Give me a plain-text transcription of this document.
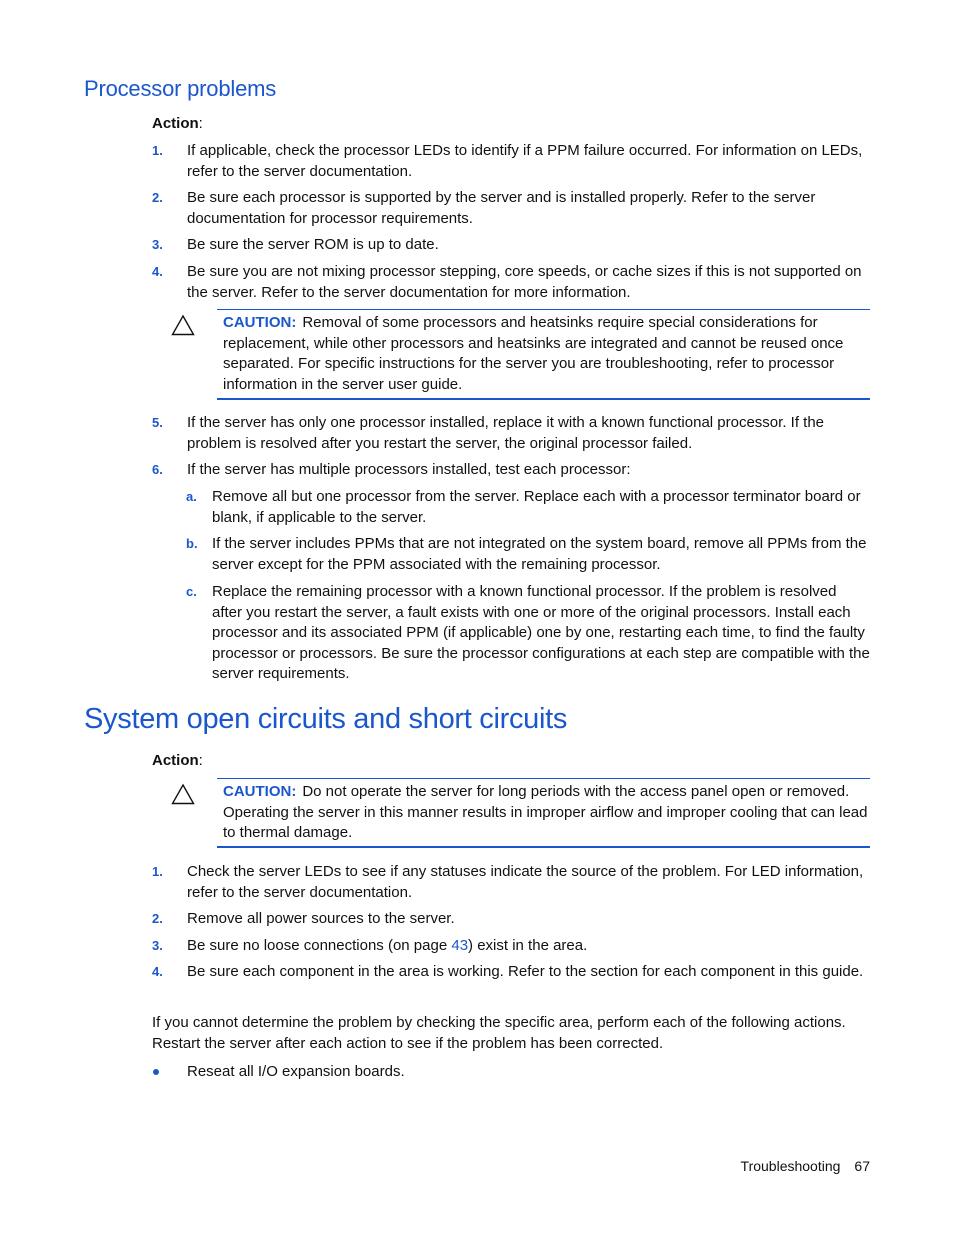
Processor problems
Action:
1. If applicable, check the processor LEDs to identify if a PPM failure occurred. For information on LEDs, refer to the server documentation.
2. Be sure each processor is supported by the server and is installed properly. Refer to the server documentation for processor requirements.
3. Be sure the server ROM is up to date.
4. Be sure you are not mixing processor stepping, core speeds, or cache sizes if this is not supported on the server. Refer to the server documentation for more information.
CAUTION: Removal of some processors and heatsinks require special considerations for replacement, while other processors and heatsinks are integrated and cannot be reused once separated. For specific instructions for the server you are troubleshooting, refer to processor information in the server user guide.
5. If the server has only one processor installed, replace it with a known functional processor. If the problem is resolved after you restart the server, the original processor failed.
6. If the server has multiple processors installed, test each processor:
a. Remove all but one processor from the server. Replace each with a processor terminator board or blank, if applicable to the server.
b. If the server includes PPMs that are not integrated on the system board, remove all PPMs from the server except for the PPM associated with the remaining processor.
c. Replace the remaining processor with a known functional processor. If the problem is resolved after you restart the server, a fault exists with one or more of the original processors. Install each processor and its associated PPM (if applicable) one by one, restarting each time, to find the faulty processor or processors. Be sure the processor configurations at each step are compatible with the server requirements.
System open circuits and short circuits
Action:
CAUTION: Do not operate the server for long periods with the access panel open or removed. Operating the server in this manner results in improper airflow and improper cooling that can lead to thermal damage.
1. Check the server LEDs to see if any statuses indicate the source of the problem. For LED information, refer to the server documentation.
2. Remove all power sources to the server.
3. Be sure no loose connections (on page 43) exist in the area.
4. Be sure each component in the area is working. Refer to the section for each component in this guide.
If you cannot determine the problem by checking the specific area, perform each of the following actions. Restart the server after each action to see if the problem has been corrected.
Reseat all I/O expansion boards.
Troubleshooting 67
